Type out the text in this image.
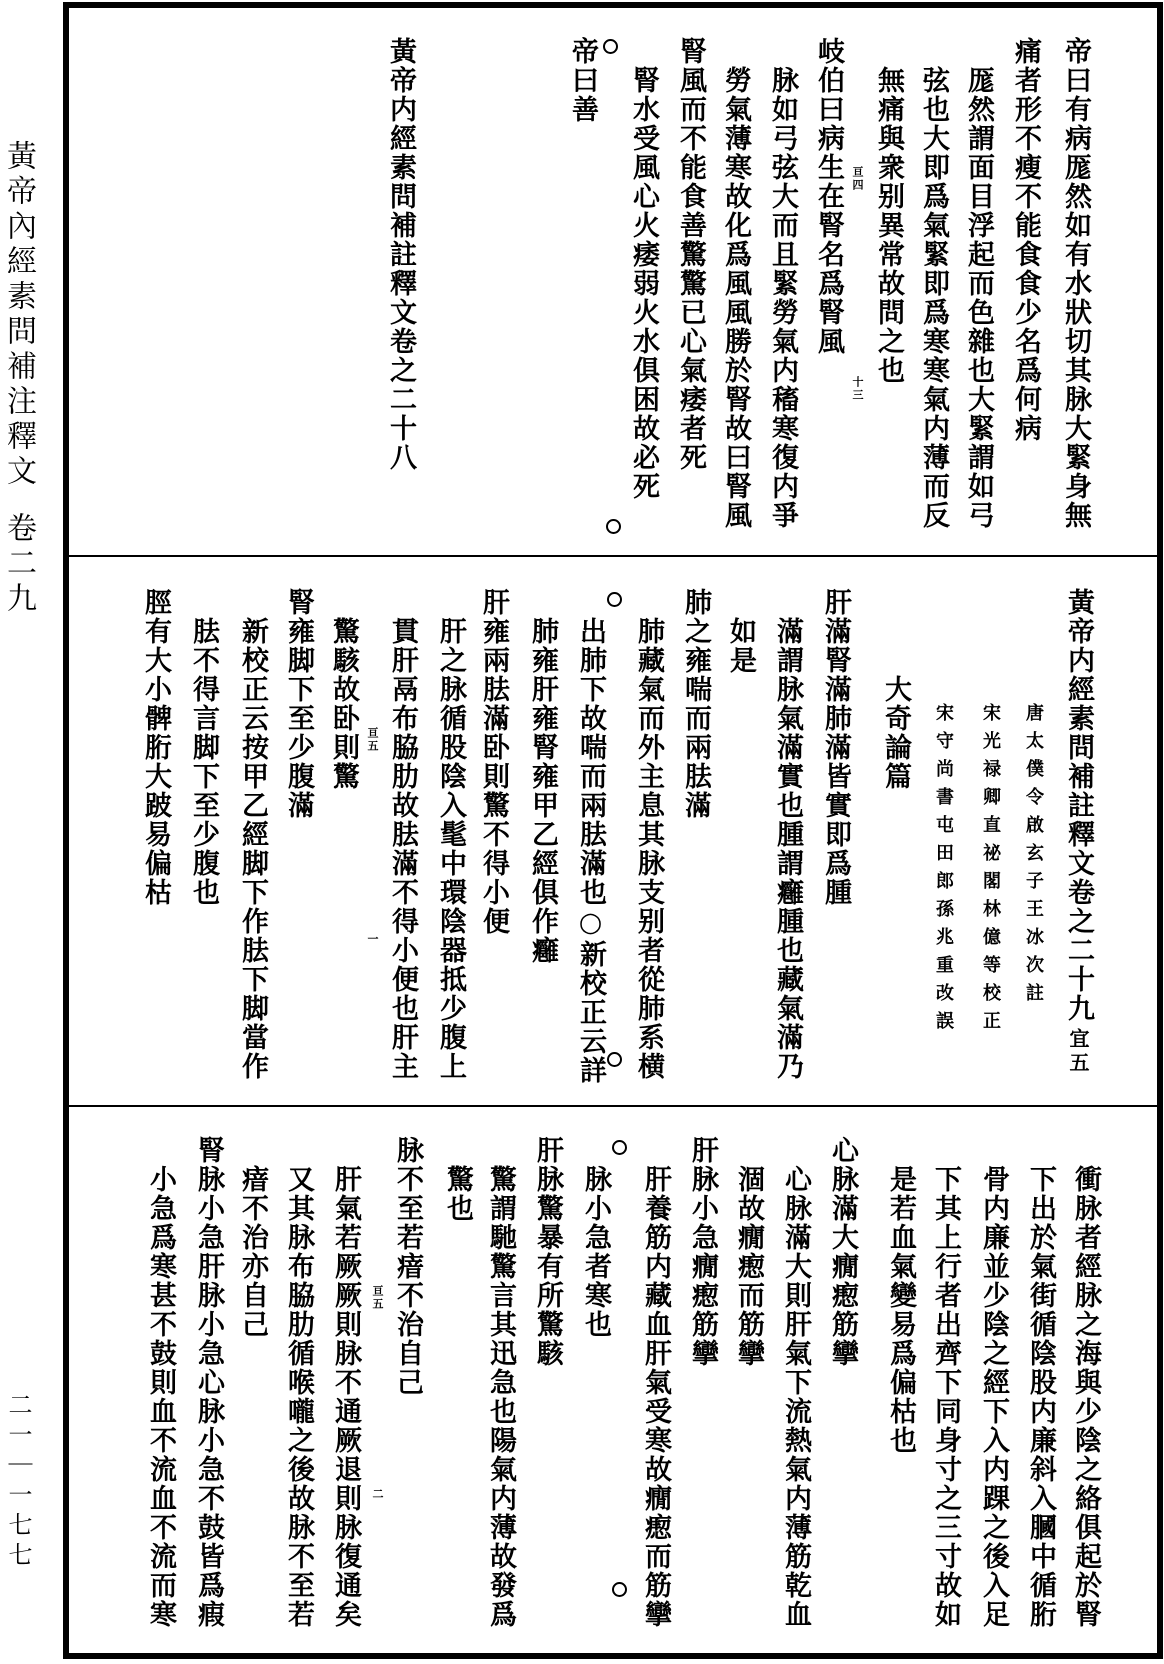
黃帝內經素問補注釋文
卷二九
二一｜一七七
帝曰有病厖然如有水狀切其脉大緊身無
痛者形不瘦不能食食少名爲何病
厖然謂面目浮起而色雜也大緊謂如弓
弦也大即爲氣緊即爲寒寒氣内薄而反
無痛與衆别異常故問之也
亘四
十三
岐伯曰病生在腎名爲腎風
脉如弓弦大而且緊勞氣内稸寒復内爭
勞氣薄寒故化爲風風勝於腎故曰腎風
腎風而不能食善驚驚已心氣痿者死
腎水受風心火痿弱火水俱困故必死
帝曰善
黃帝内經素問補註釋文卷之二十八
黃帝内經素問補註釋文卷之二十九
宜五
唐太僕令啟玄子王冰次註
宋光禄卿直祕閣林億等校正
宋守尚書屯田郎孫兆重改誤
大奇論篇
肝滿腎滿肺滿皆實即爲腫
滿謂脉氣滿實也腫謂癰腫也藏氣滿乃
如是
肺之雍喘而兩胠滿
肺藏氣而外主息其脉支别者從肺系横
出肺下故喘而兩胠滿也○新校正云詳
肺雍肝雍腎雍甲乙經俱作癰
肝雍兩胠滿卧則驚不得小便
肝之脉循股陰入髦中環陰器抵少腹上
貫肝鬲布脇肋故胠滿不得小便也肝主
亘五
一
驚駭故卧則驚
腎雍脚下至少腹滿
新校正云按甲乙經脚下作胠下脚當作
胠不得言脚下至少腹也
脛有大小髀胻大跛易偏枯
衝脉者經脉之海與少陰之絡俱起於腎
下出於氣街循陰股内廉斜入膕中循胻
骨内廉並少陰之經下入内踝之後入足
下其上行者出齊下同身寸之三寸故如
是若血氣變易爲偏枯也
心脉滿大癇瘛筋攣
心脉滿大則肝氣下流熱氣内薄筋乾血
涸故癇瘛而筋攣
肝脉小急癇瘛筋攣
肝養筋内藏血肝氣受寒故癇瘛而筋攣
脉小急者寒也
肝脉驚暴有所驚駭
驚謂馳驚言其迅急也陽氣内薄故發爲
驚也
脉不至若瘖不治自己
亘五
二
肝氣若厥厥則脉不通厥退則脉復通矣
又其脉布脇肋循喉嚨之後故脉不至若
瘖不治亦自己
腎脉小急肝脉小急心脉小急不鼓皆爲瘕
小急爲寒甚不鼓則血不流血不流而寒
